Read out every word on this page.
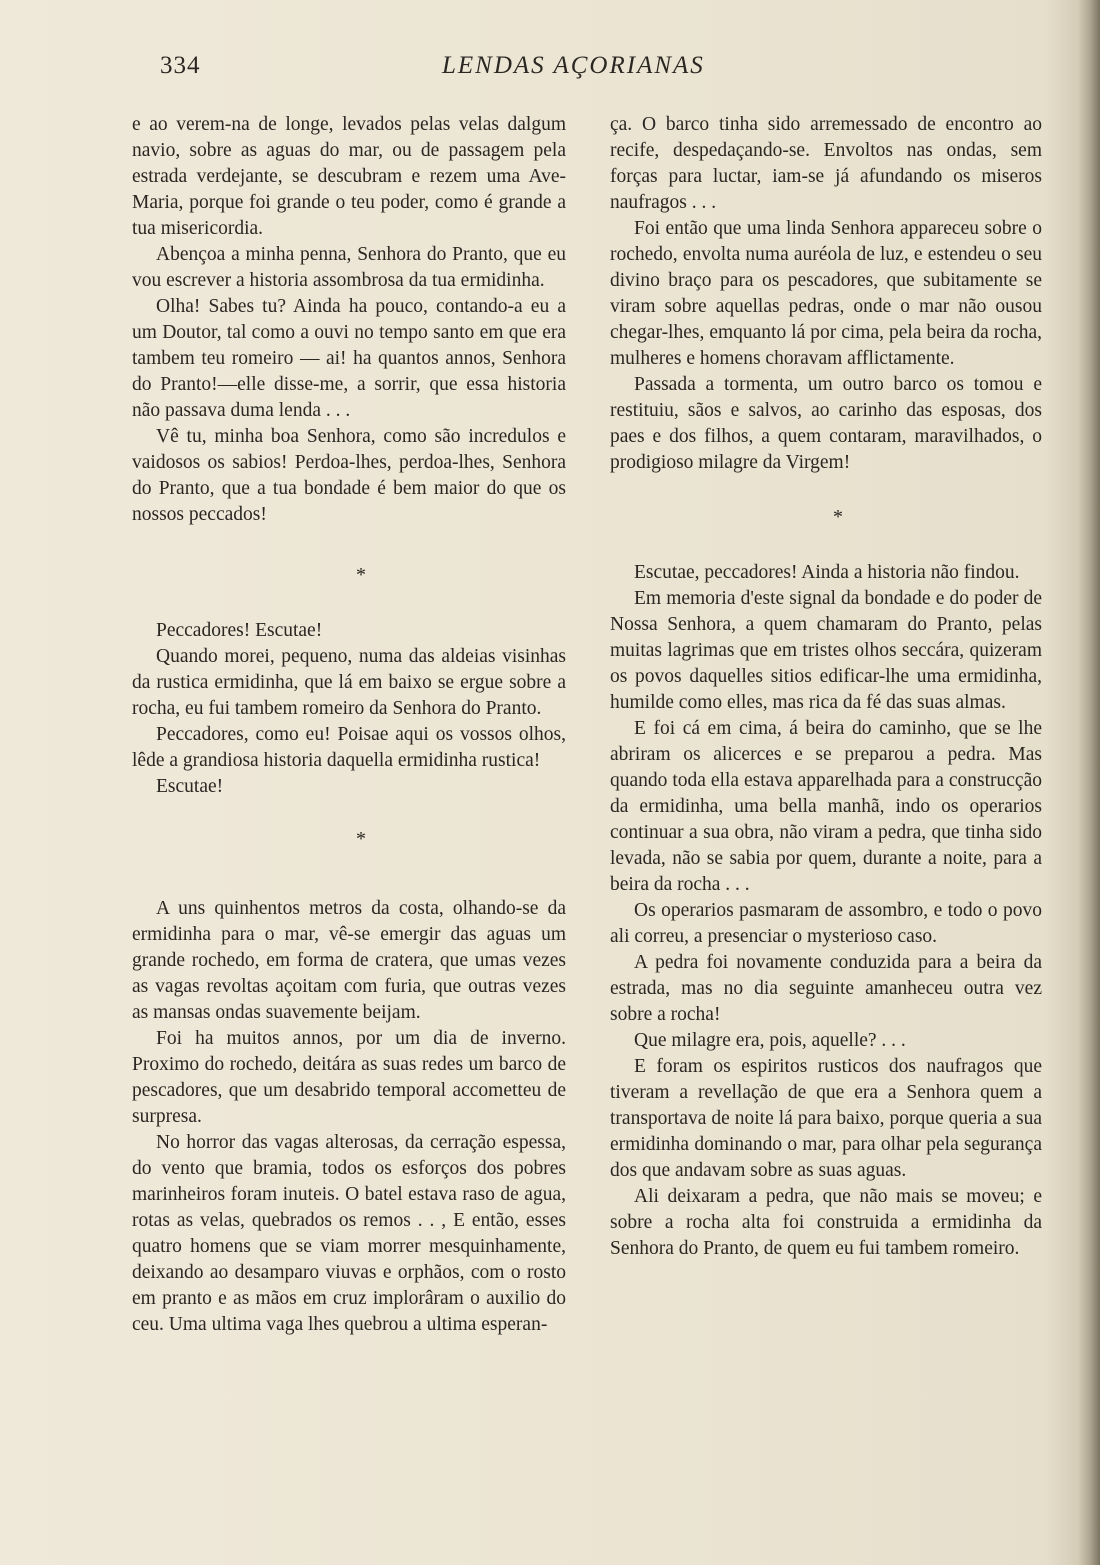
334	LENDAS AÇORIANAS

e ao verem-na de longe, levados pelas velas dalgum navio, sobre as aguas do mar, ou de passagem pela estrada verdejante, se descubram e rezem uma Ave-Maria, porque foi grande o teu poder, como é grande a tua misericordia.

Abençoa a minha penna, Senhora do Pranto, que eu vou escrever a historia assombrosa da tua ermidinha.

Olha! Sabes tu? Ainda ha pouco, contando-a eu a um Doutor, tal como a ouvi no tempo santo em que era tambem teu romeiro — ai! ha quantos annos, Senhora do Pranto!—elle disse-me, a sorrir, que essa historia não passava duma lenda . . .

Vê tu, minha boa Senhora, como são incredulos e vaidosos os sabios! Perdoa-lhes, perdoa-lhes, Senhora do Pranto, que a tua bondade é bem maior do que os nossos peccados!

*

Peccadores! Escutae!

Quando morei, pequeno, numa das aldeias visinhas da rustica ermidinha, que lá em baixo se ergue sobre a rocha, eu fui tambem romeiro da Senhora do Pranto.

Peccadores, como eu! Poisae aqui os vossos olhos, lêde a grandiosa historia daquella ermidinha rustica!

Escutae!

*

A uns quinhentos metros da costa, olhando-se da ermidinha para o mar, vê-se emergir das aguas um grande rochedo, em forma de cratera, que umas vezes as vagas revoltas açoitam com furia, que outras vezes as mansas ondas suavemente beijam.

Foi ha muitos annos, por um dia de inverno. Proximo do rochedo, deitára as suas redes um barco de pescadores, que um desabrido temporal accometteu de surpresa.

No horror das vagas alterosas, da cerração espessa, do vento que bramia, todos os esforços dos pobres marinheiros foram inuteis. O batel estava raso de agua, rotas as velas, quebrados os remos . . , E então, esses quatro homens que se viam morrer mesquinhamente, deixando ao desamparo viuvas e orphãos, com o rosto em pranto e as mãos em cruz implorâram o auxilio do ceu. Uma ultima vaga lhes quebrou a ultima esperan-

ça. O barco tinha sido arremessado de encontro ao recife, despedaçando-se. Envoltos nas ondas, sem forças para luctar, iam-se já afundando os miseros naufragos . . .

Foi então que uma linda Senhora appareceu sobre o rochedo, envolta numa auréola de luz, e estendeu o seu divino braço para os pescadores, que subitamente se viram sobre aquellas pedras, onde o mar não ousou chegar-lhes, emquanto lá por cima, pela beira da rocha, mulheres e homens choravam afflictamente.

Passada a tormenta, um outro barco os tomou e restituiu, sãos e salvos, ao carinho das esposas, dos paes e dos filhos, a quem contaram, maravilhados, o prodigioso milagre da Virgem!

*

Escutae, peccadores! Ainda a historia não findou.

Em memoria d'este signal da bondade e do poder de Nossa Senhora, a quem chamaram do Pranto, pelas muitas lagrimas que em tristes olhos seccára, quizeram os povos daquelles sitios edificar-lhe uma ermidinha, humilde como elles, mas rica da fé das suas almas.

E foi cá em cima, á beira do caminho, que se lhe abriram os alicerces e se preparou a pedra. Mas quando toda ella estava apparelhada para a construcção da ermidinha, uma bella manhã, indo os operarios continuar a sua obra, não viram a pedra, que tinha sido levada, não se sabia por quem, durante a noite, para a beira da rocha . . .

Os operarios pasmaram de assombro, e todo o povo ali correu, a presenciar o mysterioso caso.

A pedra foi novamente conduzida para a beira da estrada, mas no dia seguinte amanheceu outra vez sobre a rocha!

Que milagre era, pois, aquelle? . . .

E foram os espiritos rusticos dos naufragos que tiveram a revellação de que era a Senhora quem a transportava de noite lá para baixo, porque queria a sua ermidinha dominando o mar, para olhar pela segurança dos que andavam sobre as suas aguas.

Ali deixaram a pedra, que não mais se moveu; e sobre a rocha alta foi construida a ermidinha da Senhora do Pranto, de quem eu fui tambem romeiro.
